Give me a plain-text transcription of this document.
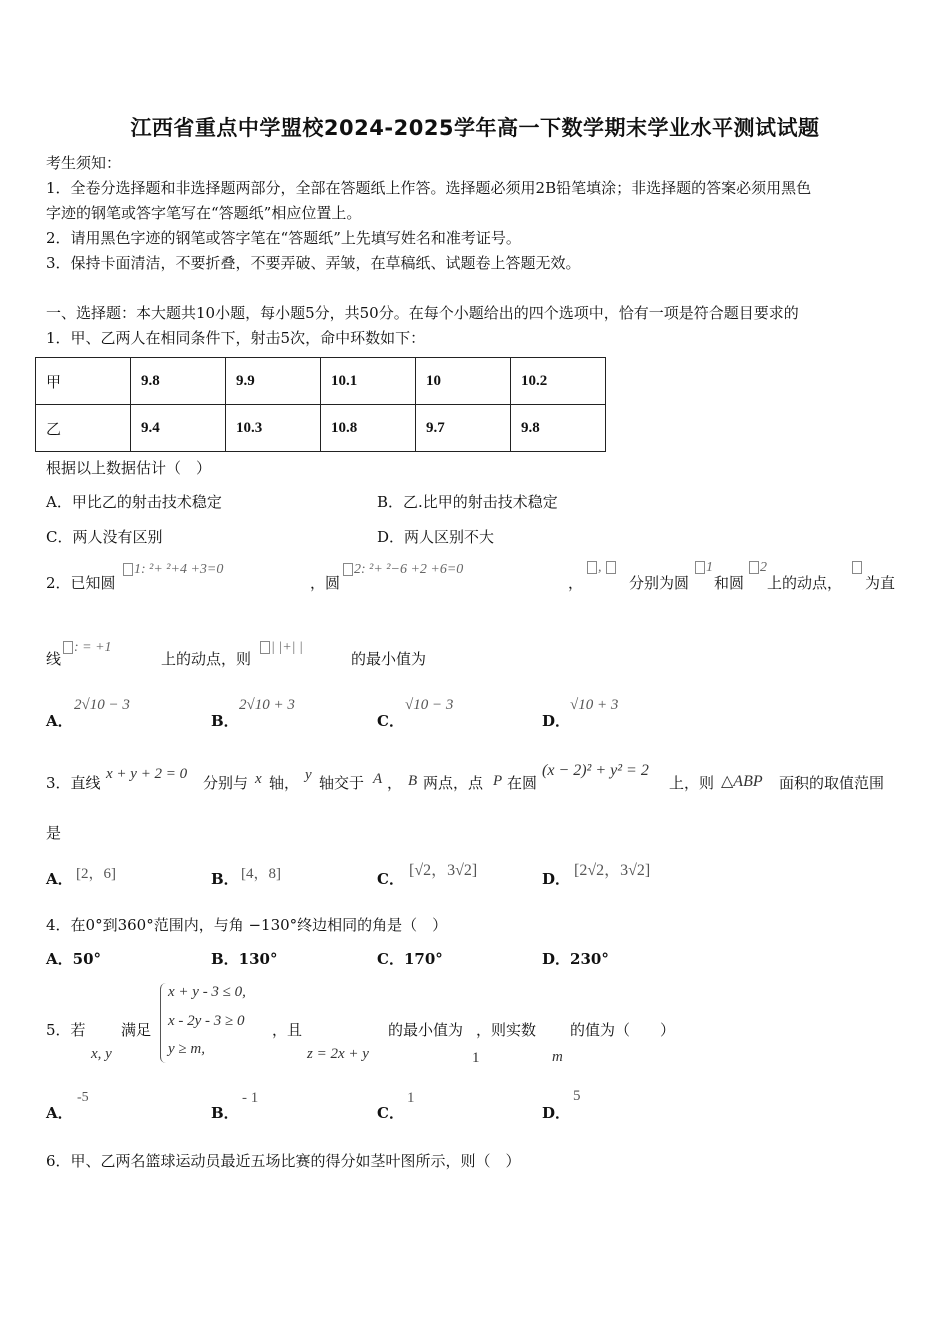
江西省重点中学盟校2024-2025学年高一下数学期末学业水平测试试题
考生须知：
1．全卷分选择题和非选择题两部分，全部在答题纸上作答。选择题必须用2B铅笔填涂；非选择题的答案必须用黑色
字迹的钢笔或答字笔写在“答题纸”相应位置上。
2．请用黑色字迹的钢笔或答字笔在“答题纸”上先填写姓名和准考证号。
3．保持卡面清洁，不要折叠，不要弄破、弄皱，在草稿纸、试题卷上答题无效。
一、选择题：本大题共10小题，每小题5分，共50分。在每个小题给出的四个选项中，恰有一项是符合题目要求的
1．甲、乙两人在相同条件下，射击5次，命中环数如下：
甲	9.8	9.9	10.1	10	10.2
乙	9.4	10.3	10.8	9.7	9.8
根据以上数据估计（　）
A．甲比乙的射击技术稳定	B．乙.比甲的射击技术稳定
C．两人没有区别	D．两人区别不大
2．已知圆
1: ²+ ²+4 +3=0
，圆
2: ²+ ²−6 +2 +6=0
，
,
分别为圆
1
和圆
2
上的动点， 为直
线
: = +1
上的动点，则
| |+| |
的最小值为
A．
2√10 − 3
B．
2√10 + 3
C．
√10 − 3
D．
√10 + 3
3．直线 x + y + 2 = 0 分别与 x 轴， y 轴交于 A ， B 两点，点 P 在圆
(x − 2)² + y² = 2
上，则 △ABP 面积的取值范围
是
A． [2，6]	B． [4，8]	C． [√2，3√2]	D． [2√2，3√2]
4．在0°到360°范围内，与角 −130°终边相同的角是（　）
A．50°	B．130°	C．170°	D．230°
5．若
x, y
满足
x + y - 3 ≤ 0,
x - 2y - 3 ≥ 0
y ≥ m,
，且
z = 2x + y
的最小值为
1
，则实数
m
的值为（　　）
A．
-5
B．
- 1
C．
1
D．
5
6．甲、乙两名篮球运动员最近五场比赛的得分如茎叶图所示，则（　）
